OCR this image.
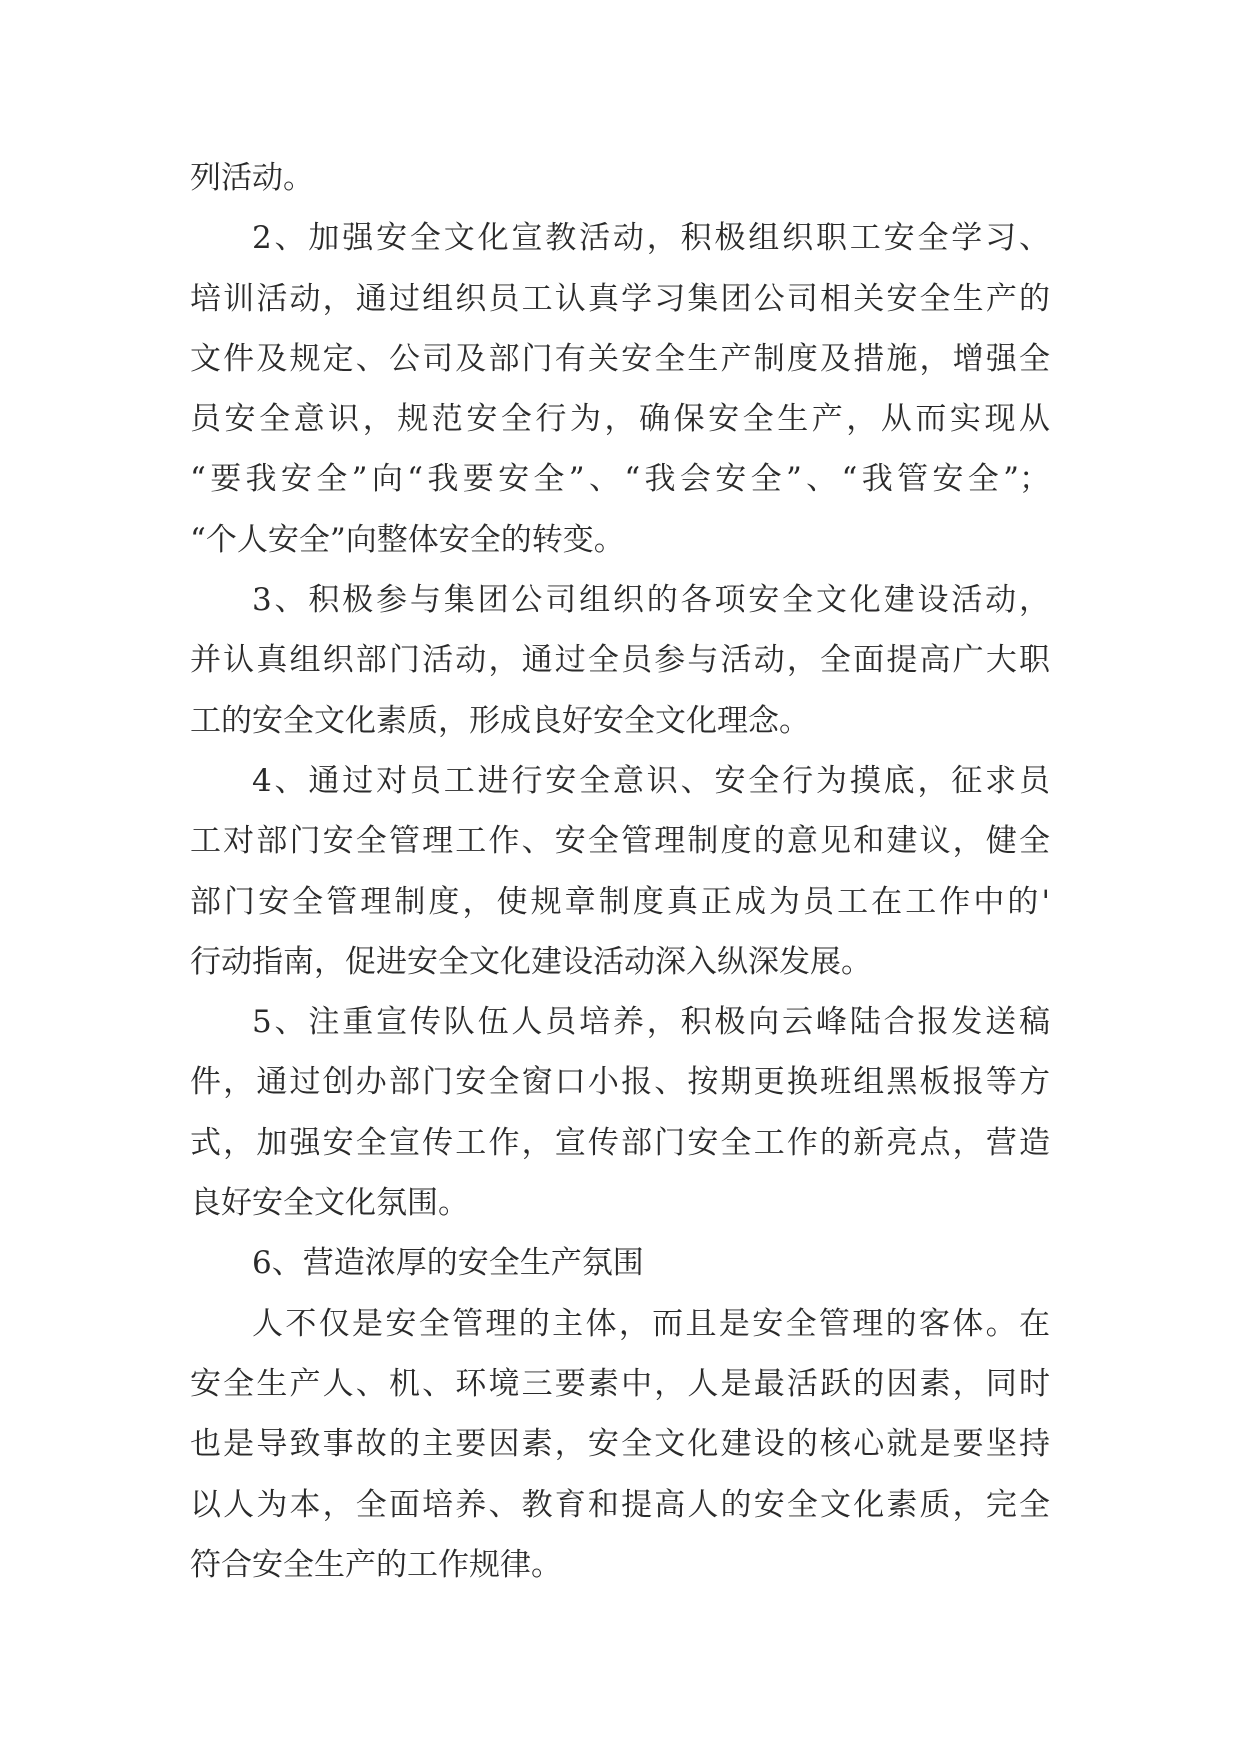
列活动。
2、加强安全文化宣教活动，积极组织职工安全学习、
培训活动，通过组织员工认真学习集团公司相关安全生产的
文件及规定、公司及部门有关安全生产制度及措施，增强全
员安全意识，规范安全行为，确保安全生产，从而实现从
“要我安全”向“我要安全”、“我会安全”、“我管安全”；
“个人安全”向整体安全的转变。
3、积极参与集团公司组织的各项安全文化建设活动，
并认真组织部门活动，通过全员参与活动，全面提高广大职
工的安全文化素质，形成良好安全文化理念。
4、通过对员工进行安全意识、安全行为摸底，征求员
工对部门安全管理工作、安全管理制度的意见和建议，健全
部门安全管理制度，使规章制度真正成为员工在工作中的'
行动指南，促进安全文化建设活动深入纵深发展。
5、注重宣传队伍人员培养，积极向云峰陆合报发送稿
件，通过创办部门安全窗口小报、按期更换班组黑板报等方
式，加强安全宣传工作，宣传部门安全工作的新亮点，营造
良好安全文化氛围。
6、营造浓厚的安全生产氛围
人不仅是安全管理的主体，而且是安全管理的客体。在
安全生产人、机、环境三要素中，人是最活跃的因素，同时
也是导致事故的主要因素，安全文化建设的核心就是要坚持
以人为本，全面培养、教育和提高人的安全文化素质，完全
符合安全生产的工作规律。
